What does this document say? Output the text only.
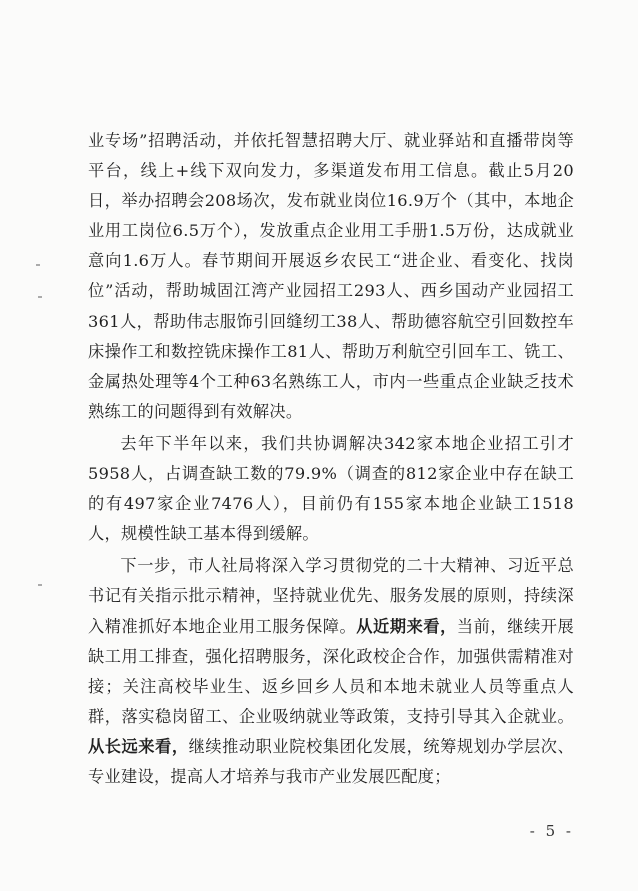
业专场”招聘活动，并依托智慧招聘大厅、就业驿站和直播带岗等平台，线上+线下双向发力，多渠道发布用工信息。截止5月20日，举办招聘会208场次，发布就业岗位16.9万个（其中，本地企业用工岗位6.5万个），发放重点企业用工手册1.5万份，达成就业意向1.6万人。春节期间开展返乡农民工“进企业、看变化、找岗位”活动，帮助城固江湾产业园招工293人、西乡国动产业园招工361人，帮助伟志服饰引回缝纫工38人、帮助德容航空引回数控车床操作工和数控铣床操作工81人、帮助万利航空引回车工、铣工、金属热处理等4个工种63名熟练工人，市内一些重点企业缺乏技术熟练工的问题得到有效解决。

去年下半年以来，我们共协调解决342家本地企业招工引才5958人，占调查缺工数的79.9%（调查的812家企业中存在缺工的有497家企业7476人），目前仍有155家本地企业缺工1518人，规模性缺工基本得到缓解。

下一步，市人社局将深入学习贯彻党的二十大精神、习近平总书记有关指示批示精神，坚持就业优先、服务发展的原则，持续深入精准抓好本地企业用工服务保障。从近期来看，当前，继续开展缺工用工排查，强化招聘服务，深化政校企合作，加强供需精准对接；关注高校毕业生、返乡回乡人员和本地未就业人员等重点人群，落实稳岗留工、企业吸纳就业等政策，支持引导其入企就业。从长远来看，继续推动职业院校集团化发展，统筹规划办学层次、专业建设，提高人才培养与我市产业发展匹配度；

- 5 -
